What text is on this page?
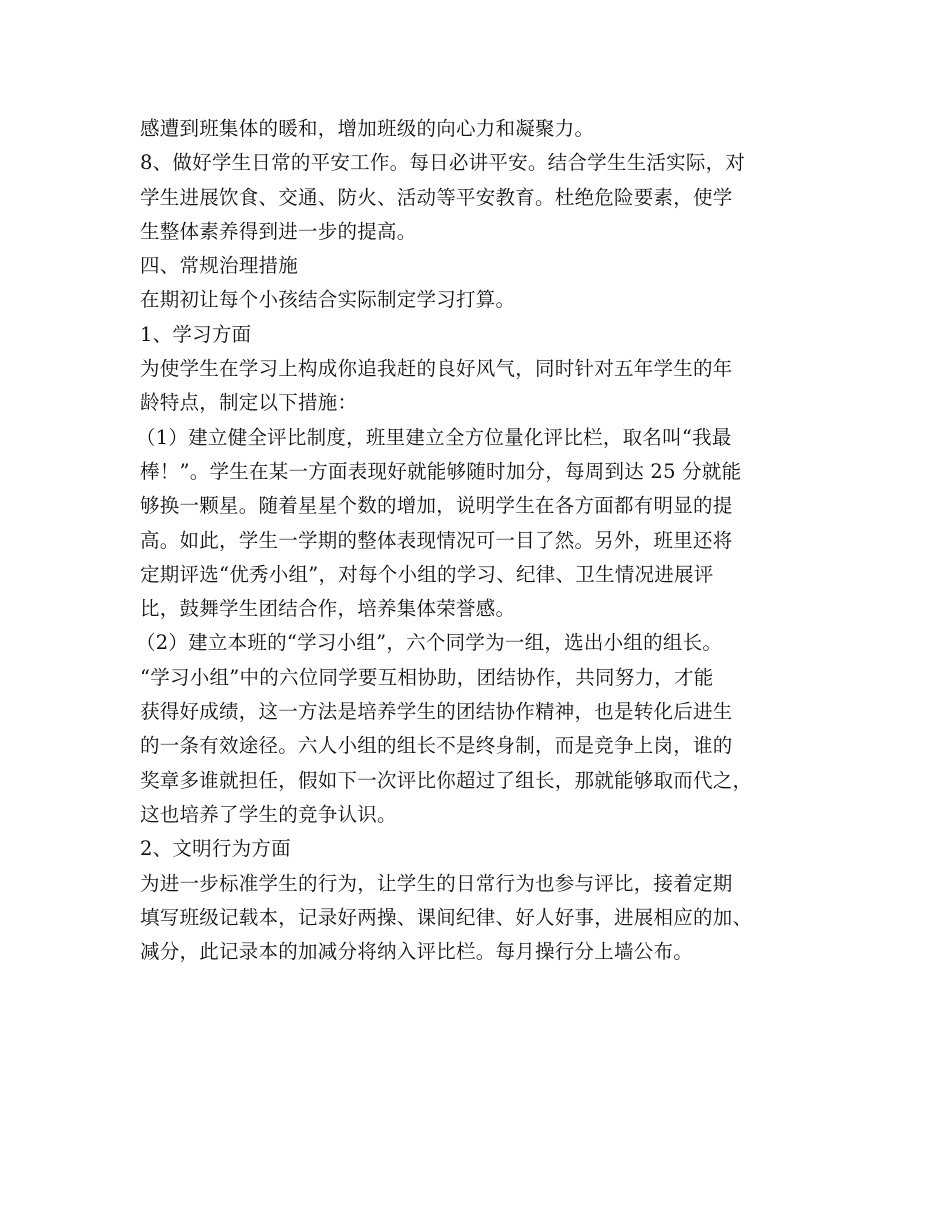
感遭到班集体的暖和，增加班级的向心力和凝聚力。
8、做好学生日常的平安工作。每日必讲平安。结合学生生活实际，对
学生进展饮食、交通、防火、活动等平安教育。杜绝危险要素，使学
生整体素养得到进一步的提高。
四、常规治理措施
在期初让每个小孩结合实际制定学习打算。
1、学习方面
为使学生在学习上构成你追我赶的良好风气，同时针对五年学生的年
龄特点，制定以下措施：
（1）建立健全评比制度，班里建立全方位量化评比栏，取名叫“我最
棒！”。学生在某一方面表现好就能够随时加分，每周到达 25 分就能
够换一颗星。随着星星个数的增加，说明学生在各方面都有明显的提
高。如此，学生一学期的整体表现情况可一目了然。另外，班里还将
定期评选“优秀小组”，对每个小组的学习、纪律、卫生情况进展评
比，鼓舞学生团结合作，培养集体荣誉感。
（2）建立本班的“学习小组”，六个同学为一组，选出小组的组长。
“学习小组”中的六位同学要互相协助，团结协作，共同努力，才能
获得好成绩，这一方法是培养学生的团结协作精神，也是转化后进生
的一条有效途径。六人小组的组长不是终身制，而是竞争上岗，谁的
奖章多谁就担任，假如下一次评比你超过了组长，那就能够取而代之，
这也培养了学生的竞争认识。
2、文明行为方面
为进一步标准学生的行为，让学生的日常行为也参与评比，接着定期
填写班级记载本，记录好两操、课间纪律、好人好事，进展相应的加、
减分，此记录本的加减分将纳入评比栏。每月操行分上墙公布。
